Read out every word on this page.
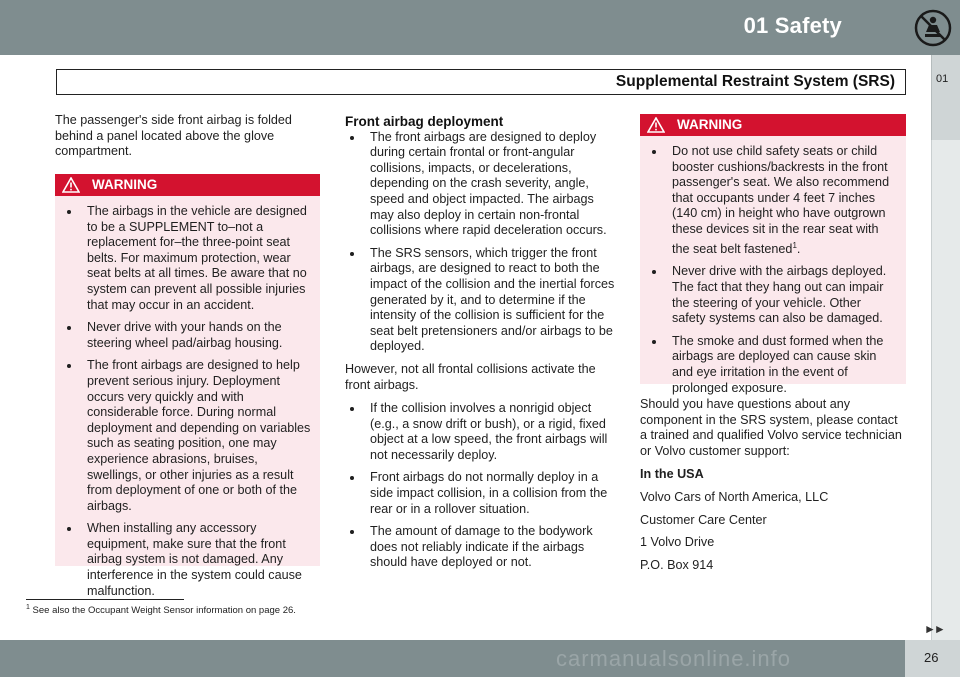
01 Safety
01
Supplemental Restraint System (SRS)
The passenger's side front airbag is folded behind a panel located above the glove compartment.
WARNING
The airbags in the vehicle are designed to be a SUPPLEMENT to–not a replacement for–the three-point seat belts. For maximum protection, wear seat belts at all times. Be aware that no system can prevent all possible injuries that may occur in an accident.
Never drive with your hands on the steering wheel pad/airbag housing.
The front airbags are designed to help prevent serious injury. Deployment occurs very quickly and with considerable force. During normal deployment and depending on variables such as seating position, one may experience abrasions, bruises, swellings, or other injuries as a result from deployment of one or both of the airbags.
When installing any accessory equipment, make sure that the front airbag system is not damaged. Any interference in the system could cause malfunction.
Front airbag deployment
The front airbags are designed to deploy during certain frontal or front-angular collisions, impacts, or decelerations, depending on the crash severity, angle, speed and object impacted. The airbags may also deploy in certain non-frontal collisions where rapid deceleration occurs.
The SRS sensors, which trigger the front airbags, are designed to react to both the impact of the collision and the inertial forces generated by it, and to determine if the intensity of the collision is sufficient for the seat belt pretensioners and/or airbags to be deployed.
However, not all frontal collisions activate the front airbags.
If the collision involves a nonrigid object (e.g., a snow drift or bush), or a rigid, fixed object at a low speed, the front airbags will not necessarily deploy.
Front airbags do not normally deploy in a side impact collision, in a collision from the rear or in a rollover situation.
The amount of damage to the bodywork does not reliably indicate if the airbags should have deployed or not.
WARNING
Do not use child safety seats or child booster cushions/backrests in the front passenger's seat. We also recommend that occupants under 4 feet 7 inches (140 cm) in height who have outgrown these devices sit in the rear seat with the seat belt fastened$^1$.
Never drive with the airbags deployed. The fact that they hang out can impair the steering of your vehicle. Other safety systems can also be damaged.
The smoke and dust formed when the airbags are deployed can cause skin and eye irritation in the event of prolonged exposure.
Should you have questions about any component in the SRS system, please contact a trained and qualified Volvo service technician or Volvo customer support:
In the USA
Volvo Cars of North America, LLC
Customer Care Center
1 Volvo Drive
P.O. Box 914
$^1$ See also the Occupant Weight Sensor information on page 26.
►►
carmanualsonline.info	26
